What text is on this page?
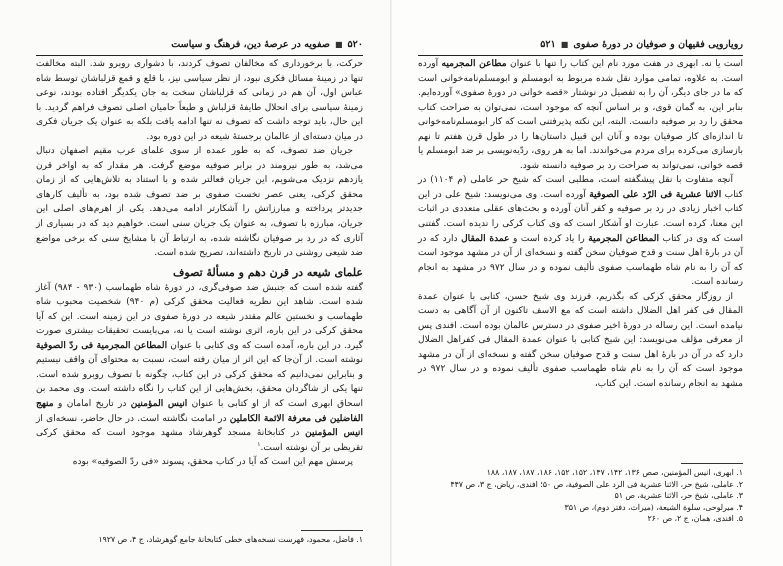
۵۲۰
■
صفویه در عرصهٔ دین، فرهنگ و سیاست

حرکت، با برخورداری که مخالفان تصوف کردند، با دشواری روبرو شد. البته مخالفت تنها در زمینهٔ مسائل فکری نبود، از نظر سیاسی نیز، با قلع و قمع قزلباشان توسط شاه عباس اول، آن هم در زمانی که قزلباشان سخت به جان یکدیگر افتاده بودند، نوعی زمینهٔ سیاسی برای انحلال طایفهٔ قزلباش و طبعاً حامیان اصلی تصوف فراهم گردید. با این حال، باید توجه داشت که تصوف نه تنها ادامه یافت بلکه به عنوان یک جریان فکری در میان دسته‌ای از عالمان برجستهٔ شیعه در این دوره بود.

جریان ضد تصوف، که به طور عمده از سوی علمای عرب مقیم اصفهان دنبال می‌شد، به طور نیرومند در برابر صوفیه موضع گرفت. هر مقدار که به اواخر قرن یازدهم نزدیک می‌شویم، این جریان فعالتر شده و با استناد به تلاش‌هایی که از زمان محقق کرکی، یعنی عصر نخست صفوی بر ضد تصوف شده بود، به تألیف کارهای جدیدتر پرداخته و مبارزاتش را آشکارتر ادامه می‌دهد. یکی از اهرم‌های اصلی این جریان، مبارزه با تصوف، به عنوان یک جریان سنی است. خواهیم دید که در بسیاری از آثاری که در رد بر صوفیان نگاشته شده، به ارتباط آن با مشایخ سنی که برخی مواضع ضد شیعی روشنی در تاریخ داشته‌اند، تصریح شده است.

علمای شیعه در قرن دهم و مسألهٔ تصوف

گفته شده است که جنبش ضد صوفی‌گری، در دورهٔ شاه طهماسب (۹۳۰ - ۹۸۴) آغاز شده است. شاهد این نظریه فعالیت محقق کرکی (م ۹۴۰) شخصیت محبوب شاه طهماسب و نخستین عالم مقتدر شیعه در دورهٔ صفوی در این زمینه است. این که آیا محقق کرکی در این باره، اثری نوشته است یا نه، می‌بایست تحقیقات بیشتری صورت گیرد. در این باره، آمده است که وی کتابی با عنوان المطاعن المجرمیة فی ردّ الصوفیة نوشته است. از آن‌جا که این اثر از میان رفته است، نسبت به محتوای آن واقف نیستیم و بنابراین نمی‌دانیم که محقق کرکی در این کتاب، چگونه با تصوف روبرو شده است. تنها یکی از شاگردان محقق، بخش‌هایی از این کتاب را نگاه داشته است. وی محمد بن اسحاق ابهری است که از او کتابی با عنوان انیس المؤمنین در تاریخ امامان و منهج الفاضلین فی معرفة الائمة الکاملین در امامت نگاشته است. در حال حاضر، نسخه‌ای از انیس المؤمنین در کتابخانهٔ مسجد گوهرشاد مشهد موجود است که محقق کرکی تقریظی بر آن نوشته است.$^۱$

پرسش مهم این است که آیا در کتاب محقق، پسوند «فی ردّ الصوفیه» بوده

۱. فاضل، محمود، فهرست نسخه‌های خطی کتابخانهٔ جامع گوهرشاد، ج ۴، ص ۱۹۲۷

رویارویی فقیهان و صوفیان در دورهٔ صفوی
■
۵۲۱

است یا نه. ابهری در هفت مورد نام این کتاب را تنها با عنوان مطاعن المجرمیه آورده است. به علاوه، تمامی موارد نقل شده مربوط به ابومسلم و ابومسلم‌نامه‌خوانی است که ما در جای دیگر، آن را به تفصیل در نوشتار «قصه خوانی در دورهٔ صفوی» آورده‌ایم. بنابر این، به گمان قوی، و بر اساس آنچه که موجود است، نمی‌توان به صراحت کتاب محقق را رد بر صوفیه دانست. البته، این نکته پذیرفتنی است که کار ابومسلم‌نامه‌خوانی تا اندازه‌ای کار صوفیان بوده و آنان این قبیل داستان‌ها را در طول قرن هفتم تا نهم بازسازی می‌کرده برای مردم می‌خواندند. اما به هر روی، ردّیه‌نویسی بر ضد ابومسلم یا قصه خوانی، نمی‌تواند به صراحت رد بر صوفیه دانسته شود.

آنچه متفاوت با نقل پیشگفته است، مطلبی است که شیخ حر عاملی (م ۱۱۰۴) در کتاب الاثنا عشریة فی الرّد علی الصوفیة آورده است. وی می‌نویسد: شیخ علی در این کتاب اخبار زیادی در رد بر صوفیه و کفر آنان آورده و بحث‌های عقلی متعددی در اثبات این معنا، کرده است. عبارت او آشکار است که وی کتاب کرکی را ندیده است. گفتنی است که وی در کتاب المطاعن المجرمیة را یاد کرده است و عمدة المقال دارد که در آن در بارهٔ اهل سنت و قدح صوفیان سخن گفته و نسخه‌ای از آن در مشهد موجود است که آن را به نام شاه طهماسب صفوی تألیف نموده و در سال ۹۷۲ در مشهد به انجام رسانده است.

از روزگار محقق کرکی که بگذریم، فرزند وی شیخ حسن، کتابی با عنوان عمدة المقال فی کفر اهل الضلال داشته است که مع الاسف تاکنون از آن آگاهی به دست نیامده است. این رساله در دورهٔ اخیر صفوی در دسترس عالمان بوده است. افندی پس از معرفی مؤلف می‌نویسد: این شیخ کتابی با عنوان عمدة المقال فی کفراهل الضلال دارد که در آن در بارهٔ اهل سنت و قدح صوفیان سخن گفته و نسخه‌ای از آن در مشهد موجود است که آن را به نام شاه طهماسب صفوی تألیف نموده و در سال ۹۷۲ در مشهد به انجام رسانده است. این کتاب،

۱. ابهری، انیس المؤمنین، صص ۱۳۶، ۱۴۲، ۱۴۷، ۱۵۲، ۱۵۲، ۱۸۶، ۱۸۷، ۱۸۷، ۱۸۸

۲. عاملی، شیخ حر، الاثنا عشریة فی الرد علی الصوفیة، ص ۵۰؛ افندی، ریاض، ج ۳، ص ۴۴۷

۳. عاملی، شیخ حر، الاثنا عشریة، ص ۵۱

۴. میرلوحی، سلوة الشیعة، (میراث، دفتر دوم)، ص ۳۵۱

۵. افندی، همان، ج ۲، ص ۲۶۰
